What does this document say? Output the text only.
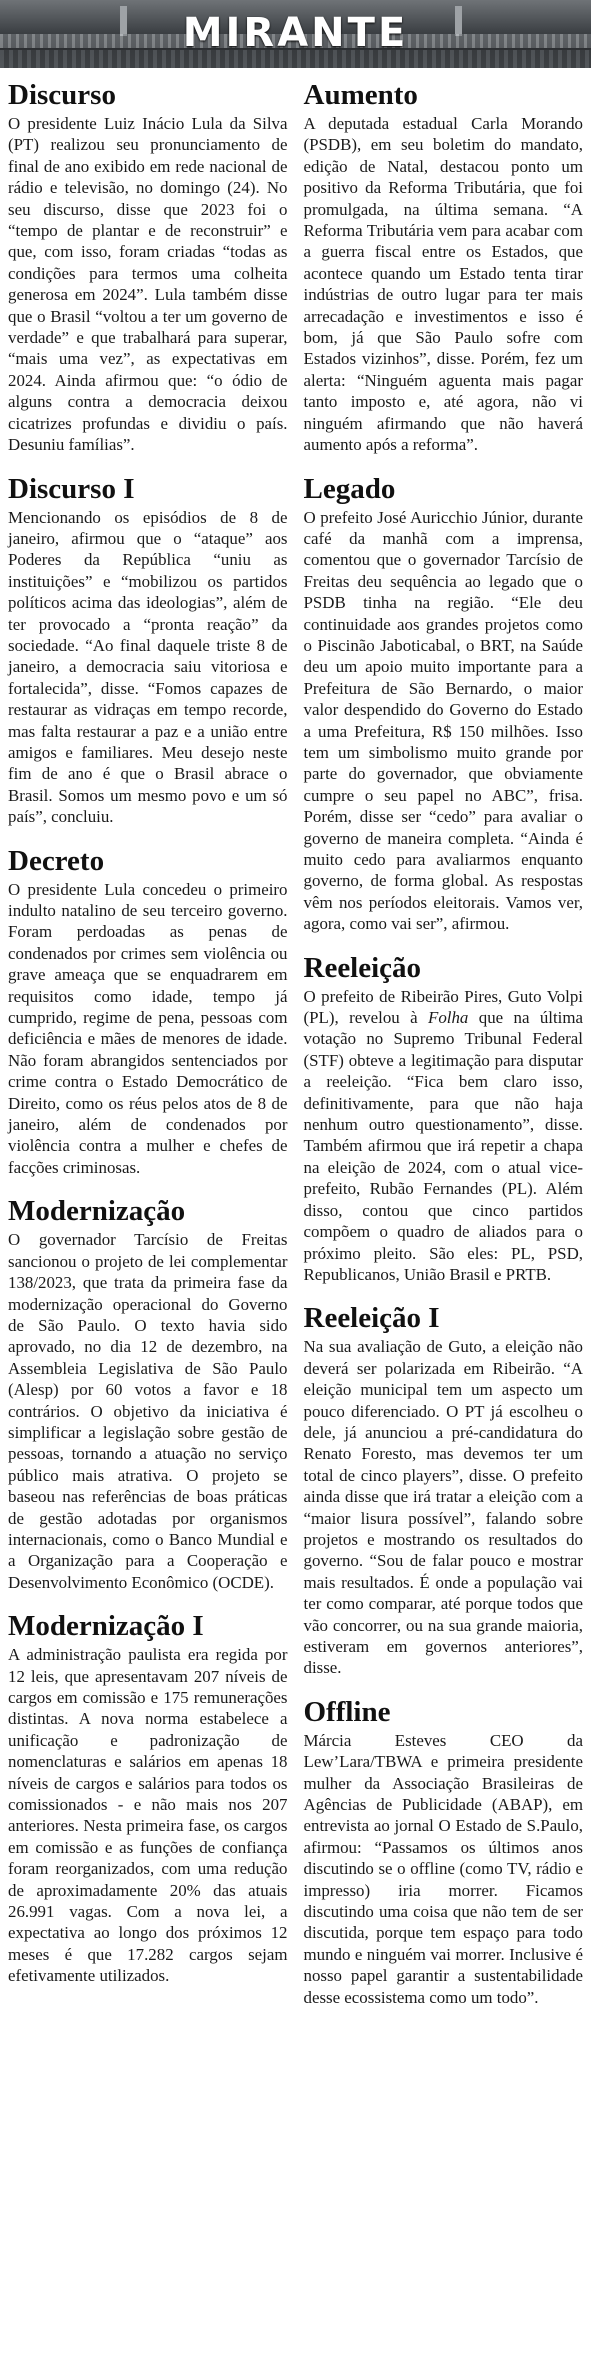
MIRANTE
Discurso

O presidente Luiz Inácio Lula da Silva (PT) realizou seu pronunciamento de final de ano exibido em rede nacional de rádio e televisão, no domingo (24). No seu discurso, disse que 2023 foi o “tempo de plantar e de reconstruir” e que, com isso, foram criadas “todas as condições para termos uma colheita generosa em 2024”. Lula também disse que o Brasil “voltou a ter um governo de verdade” e que trabalhará para superar, “mais uma vez”, as expectativas em 2024. Ainda afirmou que: “o ódio de alguns contra a democracia deixou cicatrizes profundas e dividiu o país. Desuniu famílias”.

Discurso I

Mencionando os episódios de 8 de janeiro, afirmou que o “ataque” aos Poderes da República “uniu as instituições” e “mobilizou os partidos políticos acima das ideologias”, além de ter provocado a “pronta reação” da sociedade. “Ao final daquele triste 8 de janeiro, a democracia saiu vitoriosa e fortalecida”, disse. “Fomos capazes de restaurar as vidraças em tempo recorde, mas falta restaurar a paz e a união entre amigos e familiares. Meu desejo neste fim de ano é que o Brasil abrace o Brasil. Somos um mesmo povo e um só país”, concluiu.

Decreto

O presidente Lula concedeu o primeiro indulto natalino de seu terceiro governo. Foram perdoadas as penas de condenados por crimes sem violência ou grave ameaça que se enquadrarem em requisitos como idade, tempo já cumprido, regime de pena, pessoas com deficiência e mães de menores de idade. Não foram abrangidos sentenciados por crime contra o Estado Democrático de Direito, como os réus pelos atos de 8 de janeiro, além de condenados por violência contra a mulher e chefes de facções criminosas.

Modernização

O governador Tarcísio de Freitas sancionou o projeto de lei complementar 138/2023, que trata da primeira fase da modernização operacional do Governo de São Paulo. O texto havia sido aprovado, no dia 12 de dezembro, na Assembleia Legislativa de São Paulo (Alesp) por 60 votos a favor e 18 contrários. O objetivo da iniciativa é simplificar a legislação sobre gestão de pessoas, tornando a atuação no serviço público mais atrativa. O projeto se baseou nas referências de boas práticas de gestão adotadas por organismos internacionais, como o Banco Mundial e a Organização para a Cooperação e Desenvolvimento Econômico (OCDE).

Modernização I

A administração paulista era regida por 12 leis, que apresentavam 207 níveis de cargos em comissão e 175 remunerações distintas. A nova norma estabelece a unificação e padronização de nomenclaturas e salários em apenas 18 níveis de cargos e salários para todos os comissionados - e não mais nos 207 anteriores. Nesta primeira fase, os cargos em comissão e as funções de confiança foram reorganizados, com uma redução de aproximadamente 20% das atuais 26.991 vagas. Com a nova lei, a expectativa ao longo dos próximos 12 meses é que 17.282 cargos sejam efetivamente utilizados.

Aumento

A deputada estadual Carla Morando (PSDB), em seu boletim do mandato, edição de Natal, destacou ponto um positivo da Reforma Tributária, que foi promulgada, na última semana. “A Reforma Tributária vem para acabar com a guerra fiscal entre os Estados, que acontece quando um Estado tenta tirar indústrias de outro lugar para ter mais arrecadação e investimentos e isso é bom, já que São Paulo sofre com Estados vizinhos”, disse. Porém, fez um alerta: “Ninguém aguenta mais pagar tanto imposto e, até agora, não vi ninguém afirmando que não haverá aumento após a reforma”.

Legado

O prefeito José Auricchio Júnior, durante café da manhã com a imprensa, comentou que o governador Tarcísio de Freitas deu sequência ao legado que o PSDB tinha na região. “Ele deu continuidade aos grandes projetos como o Piscinão Jaboticabal, o BRT, na Saúde deu um apoio muito importante para a Prefeitura de São Bernardo, o maior valor despendido do Governo do Estado a uma Prefeitura, R$ 150 milhões. Isso tem um simbolismo muito grande por parte do governador, que obviamente cumpre o seu papel no ABC”, frisa. Porém, disse ser “cedo” para avaliar o governo de maneira completa. “Ainda é muito cedo para avaliarmos enquanto governo, de forma global. As respostas vêm nos períodos eleitorais. Vamos ver, agora, como vai ser”, afirmou.

Reeleição

O prefeito de Ribeirão Pires, Guto Volpi (PL), revelou à Folha que na última votação no Supremo Tribunal Federal (STF) obteve a legitimação para disputar a reeleição. “Fica bem claro isso, definitivamente, para que não haja nenhum outro questionamento”, disse. Também afirmou que irá repetir a chapa na eleição de 2024, com o atual vice-prefeito, Rubão Fernandes (PL). Além disso, contou que cinco partidos compõem o quadro de aliados para o próximo pleito. São eles: PL, PSD, Republicanos, União Brasil e PRTB.

Reeleição I

Na sua avaliação de Guto, a eleição não deverá ser polarizada em Ribeirão. “A eleição municipal tem um aspecto um pouco diferenciado. O PT já escolheu o dele, já anunciou a pré-candidatura do Renato Foresto, mas devemos ter um total de cinco players”, disse. O prefeito ainda disse que irá tratar a eleição com a “maior lisura possível”, falando sobre projetos e mostrando os resultados do governo. “Sou de falar pouco e mostrar mais resultados. É onde a população vai ter como comparar, até porque todos que vão concorrer, ou na sua grande maioria, estiveram em governos anteriores”, disse.

Offline

Márcia Esteves CEO da Lew’Lara/TBWA e primeira presidente mulher da Associação Brasileiras de Agências de Publicidade (ABAP), em entrevista ao jornal O Estado de S.Paulo, afirmou: “Passamos os últimos anos discutindo se o offline (como TV, rádio e impresso) iria morrer. Ficamos discutindo uma coisa que não tem de ser discutida, porque tem espaço para todo mundo e ninguém vai morrer. Inclusive é nosso papel garantir a sustentabilidade desse ecossistema como um todo”.
